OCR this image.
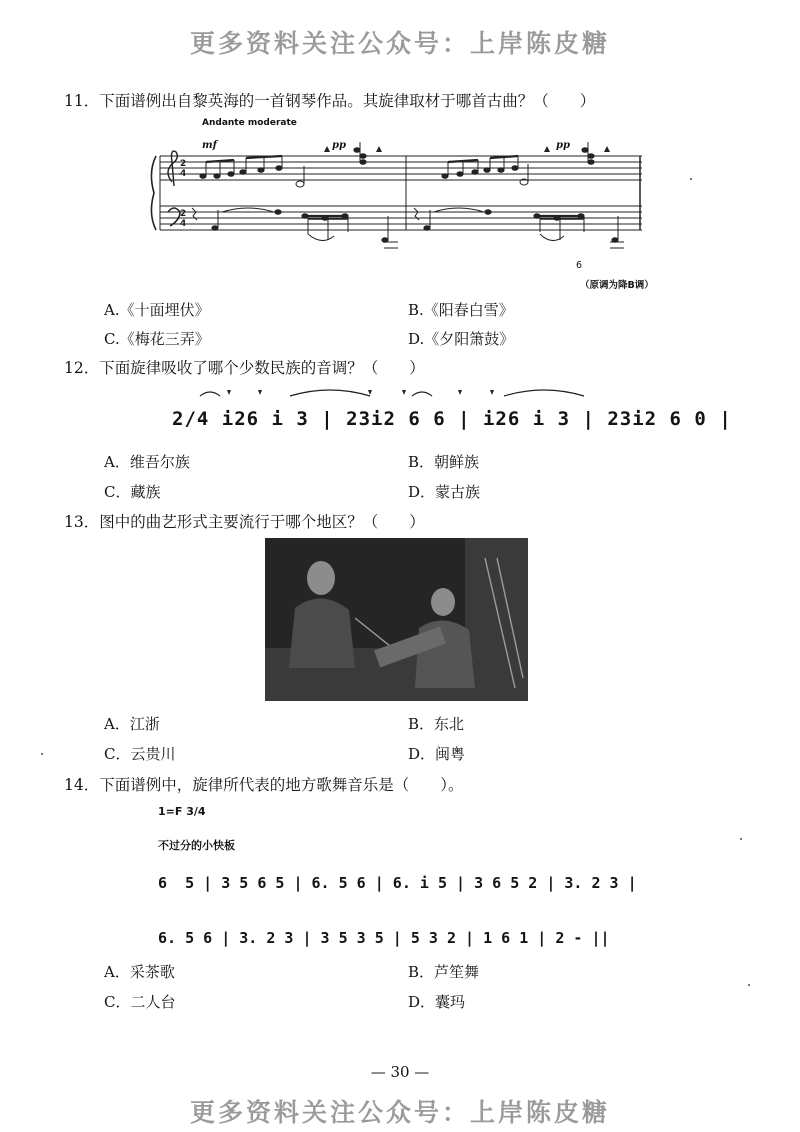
更多资料关注公众号：上岸陈皮糖
11．下面谱例出自黎英海的一首钢琴作品。其旋律取材于哪首古曲？（　　）
Andante moderate
mf	pp	pp
2
4
2
4
6
（原调为降B调）
A.《十面埋伏》	B.《阳春白雪》
C.《梅花三弄》	D.《夕阳箫鼓》
12．下面旋律吸收了哪个少数民族的音调？（　　）
2/4 i26 i 3 | 23i2 6 6 | i26 i 3 | 23i2 6 0 |
A．维吾尔族	B．朝鲜族
C．藏族	D．蒙古族
13．图中的曲艺形式主要流行于哪个地区？（　　）
A．江浙	B．东北
C．云贵川	D．闽粤
14．下面谱例中，旋律所代表的地方歌舞音乐是（　　）。
1=F 3/4
不过分的小快板
6  5 | 3 5 6 5 | 6. 5 6 | 6. i 5 | 3 6 5 2 | 3. 2 3 |
6. 5 6 | 3. 2 3 | 3 5 3 5 | 5 3 2 | 1 6 1 | 2 - ||
A．采茶歌	B．芦笙舞
C．二人台	D．囊玛
— 30 —
更多资料关注公众号：上岸陈皮糖
